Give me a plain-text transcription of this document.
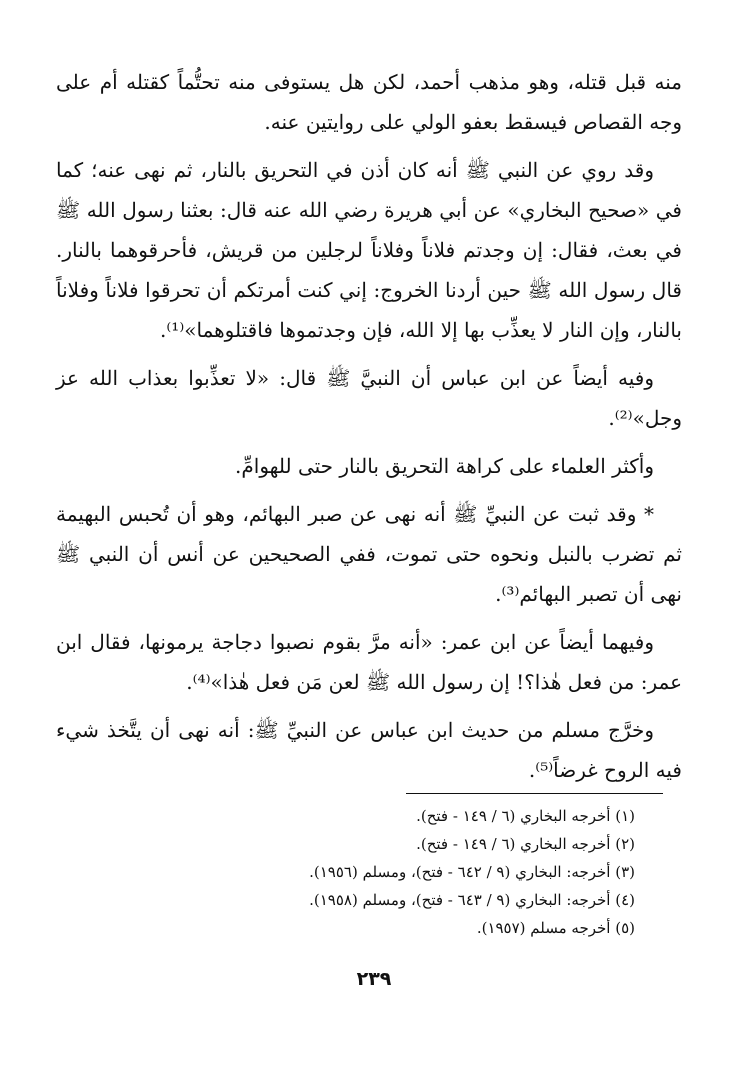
منه قبل قتله، وهو مذهب أحمد، لكن هل يستوفى منه تحتُّماً كقتله أم على وجه القصاص فيسقط بعفو الولي على روايتين عنه.

وقد روي عن النبي ﷺ أنه كان أذن في التحريق بالنار، ثم نهى عنه؛ كما في «صحيح البخاري» عن أبي هريرة رضي الله عنه قال: بعثنا رسول الله ﷺ في بعث، فقال: إن وجدتم فلاناً وفلاناً لرجلين من قريش، فأحرقوهما بالنار. قال رسول الله ﷺ حين أردنا الخروج: إني كنت أمرتكم أن تحرقوا فلاناً وفلاناً بالنار، وإن النار لا يعذِّب بها إلا الله، فإن وجدتموها فاقتلوهما»⁽¹⁾.

وفيه أيضاً عن ابن عباس أن النبيَّ ﷺ قال: «لا تعذِّبوا بعذاب الله عز وجل»⁽²⁾.

وأكثر العلماء على كراهة التحريق بالنار حتى للهوامِّ.

* وقد ثبت عن النبيِّ ﷺ أنه نهى عن صبر البهائم، وهو أن تُحبس البهيمة ثم تضرب بالنبل ونحوه حتى تموت، ففي الصحيحين عن أنس أن النبي ﷺ نهى أن تصبر البهائم⁽³⁾.

وفيهما أيضاً عن ابن عمر: «أنه مرَّ بقوم نصبوا دجاجة يرمونها، فقال ابن عمر: من فعل هٰذا؟! إن رسول الله ﷺ لعن مَن فعل هٰذا»⁽⁴⁾.

وخرَّج مسلم من حديث ابن عباس عن النبيِّ ﷺ: أنه نهى أن يتَّخذ شيء فيه الروح غرضاً⁽⁵⁾.

(١) أخرجه البخاري (٦ / ١٤٩ - فتح).

(٢) أخرجه البخاري (٦ / ١٤٩ - فتح).

(٣) أخرجه: البخاري (٩ / ٦٤٢ - فتح)، ومسلم (١٩٥٦).

(٤) أخرجه: البخاري (٩ / ٦٤٣ - فتح)، ومسلم (١٩٥٨).

(٥) أخرجه مسلم (١٩٥٧).

٢٣٩
